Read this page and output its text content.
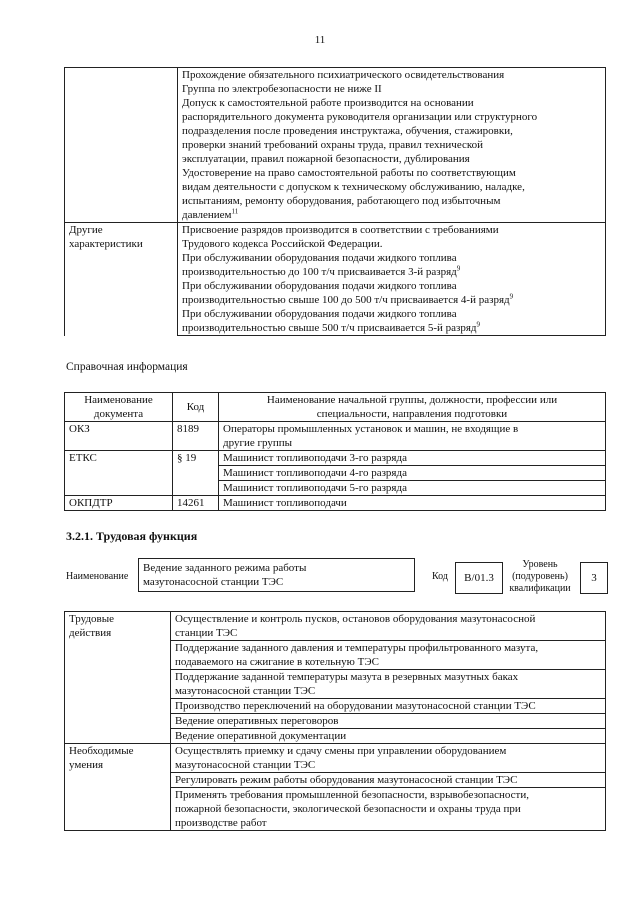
11
	Прохождение обязательного психиатрического освидетельствования
	Группа по электробезопасности не ниже II
	Допуск к самостоятельной работе производится на основании
распорядительного документа руководителя организации или структурного
подразделения после проведения инструктажа, обучения, стажировки,
проверки знаний требований охраны труда, правил технической
эксплуатации, правил пожарной безопасности, дублирования
	Удостоверение на право самостоятельной работы по соответствующим
видам деятельности с допуском к техническому обслуживанию, наладке,
испытаниям, ремонту оборудования, работающего под избыточным
давлением$^{11}$
Другие
характеристики	Присвоение разрядов производится в соответствии с требованиями
Трудового кодекса Российской Федерации.
	При обслуживании оборудования подачи жидкого топлива
производительностью до 100 т/ч присваивается 3-й разряд$^9$
	При обслуживании оборудования подачи жидкого топлива
производительностью свыше 100 до 500 т/ч присваивается 4-й разряд$^9$
	При обслуживании оборудования подачи жидкого топлива
производительностью свыше 500 т/ч присваивается 5-й разряд$^9$
Справочная информация
Наименование
документа	Код	Наименование начальной группы, должности, профессии или
специальности, направления подготовки
ОКЗ	8189	Операторы промышленных установок и машин, не входящие в
другие группы
ЕТКС	§ 19	Машинист топливоподачи 3-го разряда
		Машинист топливоподачи 4-го разряда
		Машинист топливоподачи 5-го разряда
ОКПДТР	14261	Машинист топливоподачи
3.2.1. Трудовая функция
Наименование
Ведение заданного режима работы
мазутонасосной станции ТЭС	Код	B/01.3
Уровень
(подуровень)
квалификации
3
Трудовые
действия	Осуществление и контроль пусков, остановов оборудования мазутонасосной
станции ТЭС
	Поддержание заданного давления и температуры профильтрованного мазута,
подаваемого на сжигание в котельную ТЭС
	Поддержание заданной температуры мазута в резервных мазутных баках
мазутонасосной станции ТЭС
	Производство переключений на оборудовании мазутонасосной станции ТЭС
	Ведение оперативных переговоров
	Ведение оперативной документации
Необходимые
умения	Осуществлять приемку и сдачу смены при управлении оборудованием
мазутонасосной станции ТЭС
	Регулировать режим работы оборудования мазутонасосной станции ТЭС
	Применять требования промышленной безопасности, взрывобезопасности,
пожарной безопасности, экологической безопасности и охраны труда при
производстве работ
